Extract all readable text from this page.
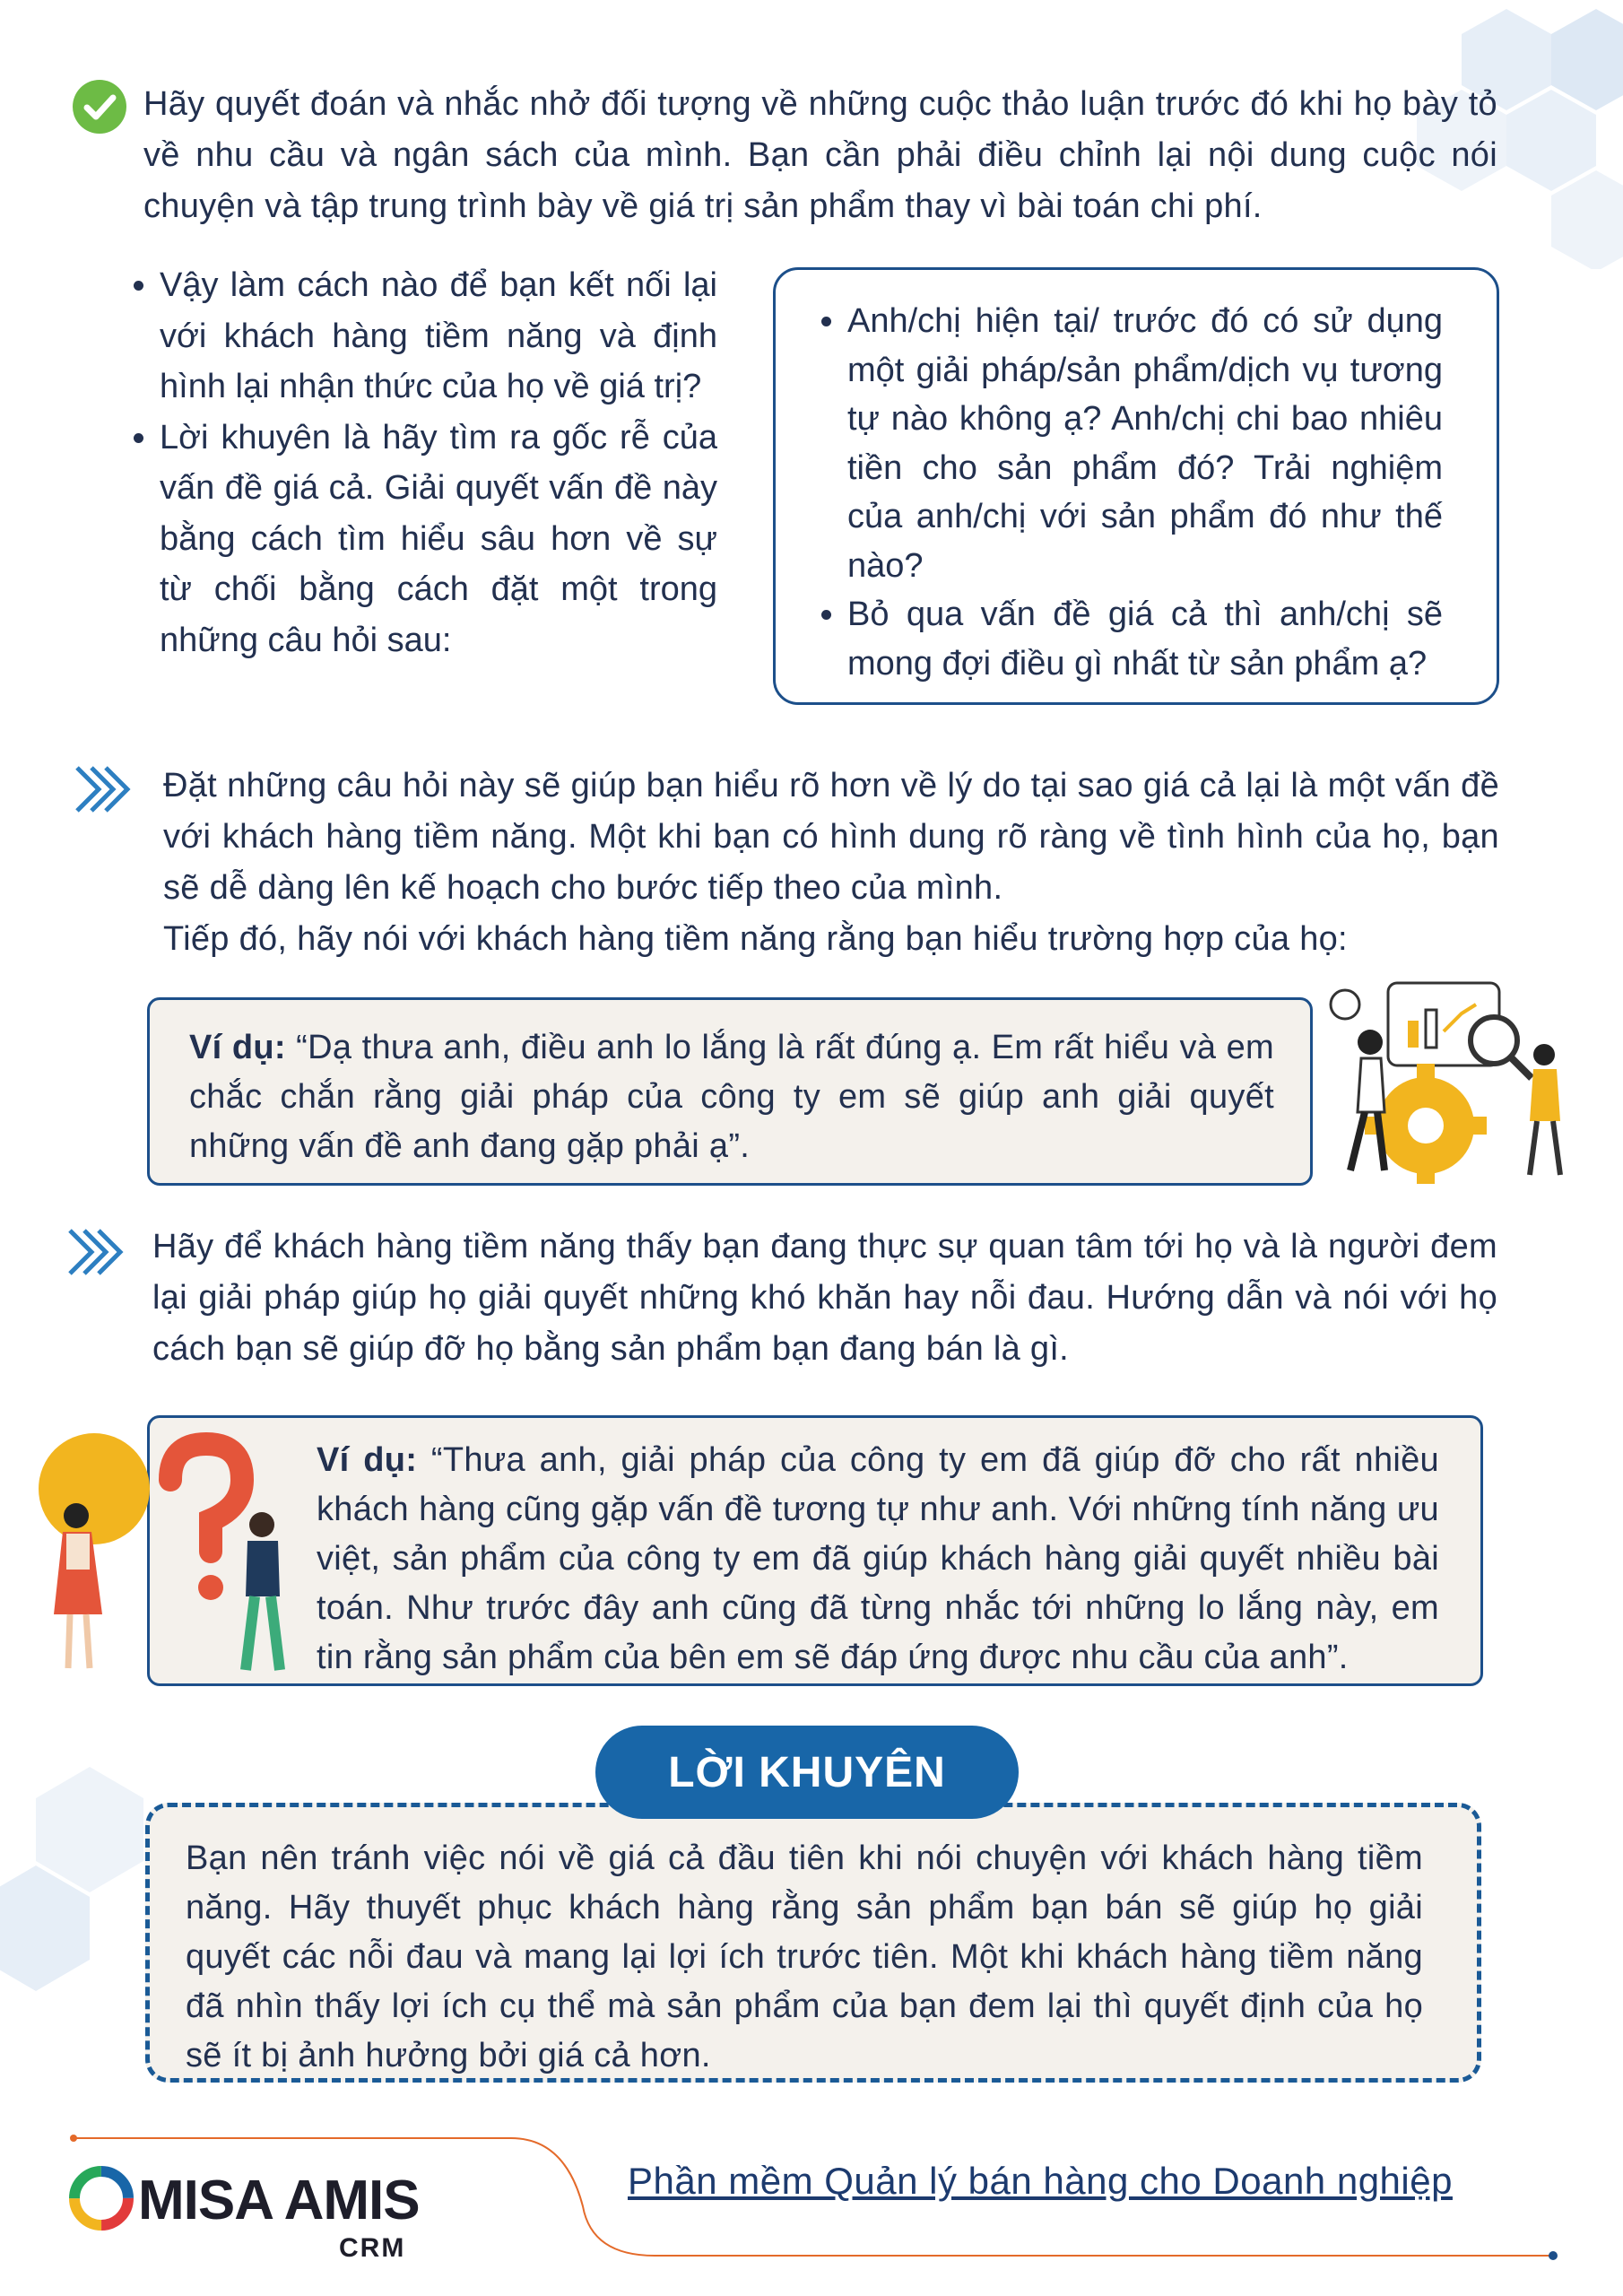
Hãy quyết đoán và nhắc nhở đối tượng về những cuộc thảo luận trước đó khi họ bày tỏ về nhu cầu và ngân sách của mình. Bạn cần phải điều chỉnh lại nội dung cuộc nói chuyện và tập trung trình bày về giá trị sản phẩm thay vì bài toán chi phí.

• Vậy làm cách nào để bạn kết nối lại với khách hàng tiềm năng và định hình lại nhận thức của họ về giá trị?
• Lời khuyên là hãy tìm ra gốc rễ của vấn đề giá cả. Giải quyết vấn đề này bằng cách tìm hiểu sâu hơn về sự từ chối bằng cách đặt một trong những câu hỏi sau:
• Anh/chị hiện tại/ trước đó có sử dụng một giải pháp/sản phẩm/dịch vụ tương tự nào không ạ? Anh/chị chi bao nhiêu tiền cho sản phẩm đó? Trải nghiệm của anh/chị với sản phẩm đó như thế nào?
• Bỏ qua vấn đề giá cả thì anh/chị sẽ mong đợi điều gì nhất từ sản phẩm ạ?

Đặt những câu hỏi này sẽ giúp bạn hiểu rõ hơn về lý do tại sao giá cả lại là một vấn đề với khách hàng tiềm năng. Một khi bạn có hình dung rõ ràng về tình hình của họ, bạn sẽ dễ dàng lên kế hoạch cho bước tiếp theo của mình.

Tiếp đó, hãy nói với khách hàng tiềm năng rằng bạn hiểu trường hợp của họ:

Ví dụ: “Dạ thưa anh, điều anh lo lắng là rất đúng ạ. Em rất hiểu và em chắc chắn rằng giải pháp của công ty em sẽ giúp anh giải quyết những vấn đề anh đang gặp phải ạ”.

Hãy để khách hàng tiềm năng thấy bạn đang thực sự quan tâm tới họ và là người đem lại giải pháp giúp họ giải quyết những khó khăn hay nỗi đau. Hướng dẫn và nói với họ cách bạn sẽ giúp đỡ họ bằng sản phẩm bạn đang bán là gì.

Ví dụ: “Thưa anh, giải pháp của công ty em đã giúp đỡ cho rất nhiều khách hàng cũng gặp vấn đề tương tự như anh. Với những tính năng ưu việt, sản phẩm của công ty em đã giúp khách hàng giải quyết nhiều bài toán. Như trước đây anh cũng đã từng nhắc tới những lo lắng này, em tin rằng sản phẩm của bên em sẽ đáp ứng được nhu cầu của anh”.

Bạn nên tránh việc nói về giá cả đầu tiên khi nói chuyện với khách hàng tiềm năng. Hãy thuyết phục khách hàng rằng sản phẩm bạn bán sẽ giúp họ giải quyết các nỗi đau và mang lại lợi ích trước tiên. Một khi khách hàng tiềm năng đã nhìn thấy lợi ích cụ thể mà sản phẩm của bạn đem lại thì quyết định của họ sẽ ít bị ảnh hưởng bởi giá cả hơn.

LỜI KHUYÊN
MISA AMIS
CRM
Phần mềm Quản lý bán hàng cho Doanh nghiệp
